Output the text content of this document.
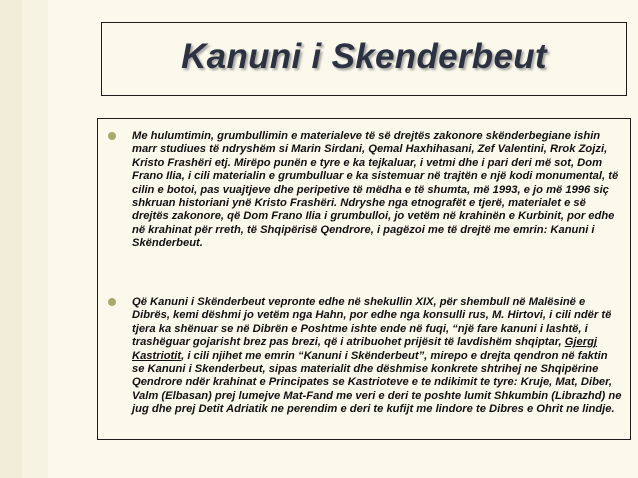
Kanuni i Skenderbeut
Me hulumtimin, grumbullimin e materialeve të së drejtës zakonore skënderbegiane ishin marr studiues të ndryshëm si Marin Sirdani, Qemal Haxhihasani, Zef Valentini, Rrok Zojzi, Kristo Frashëri etj. Mirëpo punën e tyre e ka tejkaluar, i vetmi dhe i pari deri më sot, Dom Frano Ilia, i cili materialin e grumbulluar e ka sistemuar në trajtën e një kodi monumental, të cilin e botoi, pas vuajtjeve dhe peripetive të mëdha e të shumta, më 1993, e jo më 1996 siç shkruan historiani ynë Kristo Frashëri. Ndryshe nga etnografët e tjerë, materialet e së drejtës zakonore, që Dom Frano Ilia i grumbulloi, jo vetëm në krahinën e Kurbinit, por edhe në krahinat për rreth, të Shqipërisë Qendrore, i pagëzoi me të drejtë me emrin: Kanuni i Skënderbeut.
Që Kanuni i Skënderbeut vepronte edhe në shekullin XIX, për shembull në Malësinë e Dibrës, kemi dëshmi jo vetëm nga Hahn, por edhe nga konsulli rus, M. Hirtovi, i cili ndër të tjera ka shënuar se në Dibrën e Poshtme ishte ende në fuqi, “një fare kanuni i lashtë, i trashëguar gojarisht brez pas brezi, që i atribuohet prijësit të lavdishëm shqiptar, Gjergj Kastriotit, i cili njihet me emrin “Kanuni i Skënderbeut”, mirepo e drejta qendron në faktin se Kanuni i Skenderbeut, sipas materialit dhe dëshmise konkrete shtrihej ne Shqipërine Qendrore ndër krahinat e Principates se Kastrioteve e te ndikimit te tyre: Kruje, Mat, Diber, Valm (Elbasan) prej lumejve Mat-Fand me veri e deri te poshte lumit Shkumbin (Librazhd) ne jug dhe prej Detit Adriatik ne perendim e deri te kufijt me lindore te Dibres e Ohrit ne lindje.
